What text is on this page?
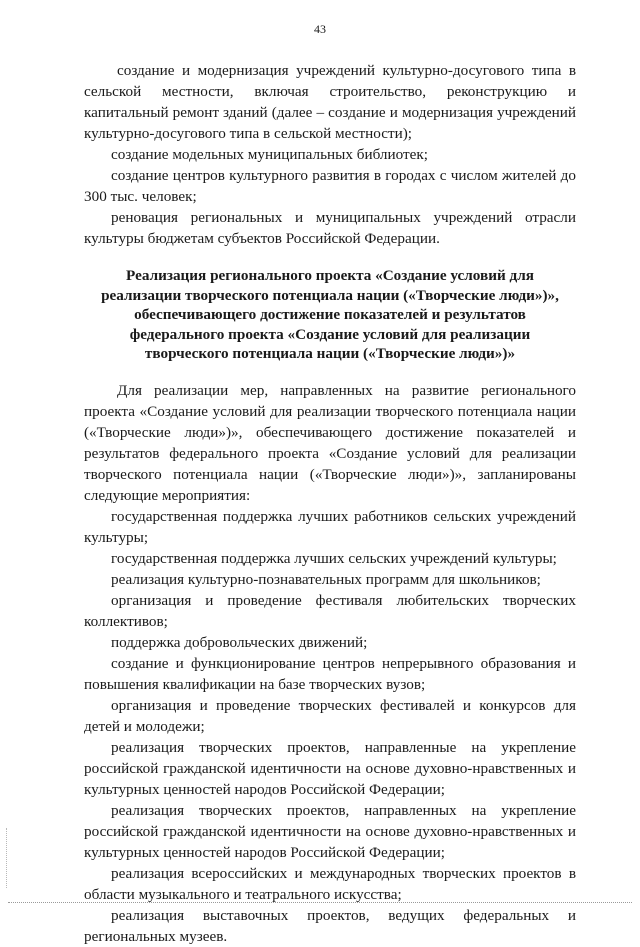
43

создание и модернизация учреждений культурно-досугового типа в сельской местности, включая строительство, реконструкцию и капитальный ремонт зданий (далее – создание и модернизация учреждений культурно-досугового типа в сельской местности);

создание модельных муниципальных библиотек;

создание центров культурного развития в городах с числом жителей до 300 тыс. человек;

реновация региональных и муниципальных учреждений отрасли культуры бюджетам субъектов Российской Федерации.

Реализация регионального проекта «Создание условий для реализации творческого потенциала нации («Творческие люди»)», обеспечивающего достижение показателей и результатов федерального проекта «Создание условий для реализации творческого потенциала нации («Творческие люди»)»

Для реализации мер, направленных на развитие регионального проекта «Создание условий для реализации творческого потенциала нации («Творческие люди»)», обеспечивающего достижение показателей и результатов федерального проекта «Создание условий для реализации творческого потенциала нации («Творческие люди»)», запланированы следующие мероприятия:

государственная поддержка лучших работников сельских учреждений культуры;

государственная поддержка лучших сельских учреждений культуры;

реализация культурно-познавательных программ для школьников;

организация и проведение фестиваля любительских творческих коллективов;

поддержка добровольческих движений;

создание и функционирование центров непрерывного образования и повышения квалификации на базе творческих вузов;

организация и проведение творческих фестивалей и конкурсов для детей и молодежи;

реализация творческих проектов, направленные на укрепление российской гражданской идентичности на основе духовно-нравственных и культурных ценностей народов Российской Федерации;

реализация творческих проектов, направленных на укрепление российской гражданской идентичности на основе духовно-нравственных и культурных ценностей народов Российской Федерации;

реализация всероссийских и международных творческих проектов в области музыкального и театрального искусства;

реализация выставочных проектов, ведущих федеральных и региональных музеев.
